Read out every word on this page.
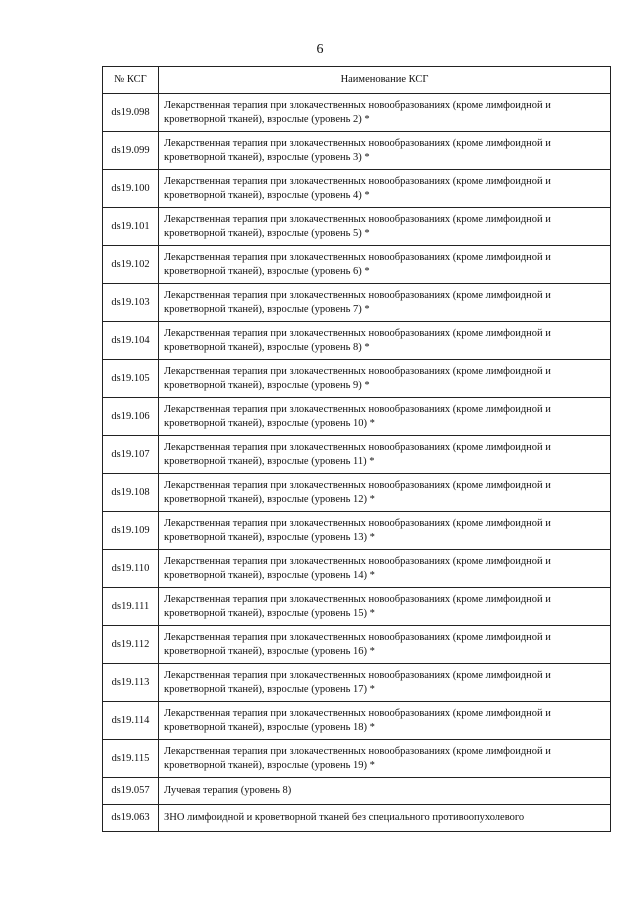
6
№ КСГ	Наименование КСГ
ds19.098	Лекарственная терапия при злокачественных новообразованиях (кроме лимфоидной и кроветворной тканей), взрослые (уровень 2) *
ds19.099	Лекарственная терапия при злокачественных новообразованиях (кроме лимфоидной и кроветворной тканей), взрослые (уровень 3) *
ds19.100	Лекарственная терапия при злокачественных новообразованиях (кроме лимфоидной и кроветворной тканей), взрослые (уровень 4) *
ds19.101	Лекарственная терапия при злокачественных новообразованиях (кроме лимфоидной и кроветворной тканей), взрослые (уровень 5) *
ds19.102	Лекарственная терапия при злокачественных новообразованиях (кроме лимфоидной и кроветворной тканей), взрослые (уровень 6) *
ds19.103	Лекарственная терапия при злокачественных новообразованиях (кроме лимфоидной и кроветворной тканей), взрослые (уровень 7) *
ds19.104	Лекарственная терапия при злокачественных новообразованиях (кроме лимфоидной и кроветворной тканей), взрослые (уровень 8) *
ds19.105	Лекарственная терапия при злокачественных новообразованиях (кроме лимфоидной и кроветворной тканей), взрослые (уровень 9) *
ds19.106	Лекарственная терапия при злокачественных новообразованиях (кроме лимфоидной и кроветворной тканей), взрослые (уровень 10) *
ds19.107	Лекарственная терапия при злокачественных новообразованиях (кроме лимфоидной и кроветворной тканей), взрослые (уровень 11) *
ds19.108	Лекарственная терапия при злокачественных новообразованиях (кроме лимфоидной и кроветворной тканей), взрослые (уровень 12) *
ds19.109	Лекарственная терапия при злокачественных новообразованиях (кроме лимфоидной и кроветворной тканей), взрослые (уровень 13) *
ds19.110	Лекарственная терапия при злокачественных новообразованиях (кроме лимфоидной и кроветворной тканей), взрослые (уровень 14) *
ds19.111	Лекарственная терапия при злокачественных новообразованиях (кроме лимфоидной и кроветворной тканей), взрослые (уровень 15) *
ds19.112	Лекарственная терапия при злокачественных новообразованиях (кроме лимфоидной и кроветворной тканей), взрослые (уровень 16) *
ds19.113	Лекарственная терапия при злокачественных новообразованиях (кроме лимфоидной и кроветворной тканей), взрослые (уровень 17) *
ds19.114	Лекарственная терапия при злокачественных новообразованиях (кроме лимфоидной и кроветворной тканей), взрослые (уровень 18) *
ds19.115	Лекарственная терапия при злокачественных новообразованиях (кроме лимфоидной и кроветворной тканей), взрослые (уровень 19) *
ds19.057	Лучевая терапия (уровень 8)
ds19.063	ЗНО лимфоидной и кроветворной тканей без специального противоопухолевого
